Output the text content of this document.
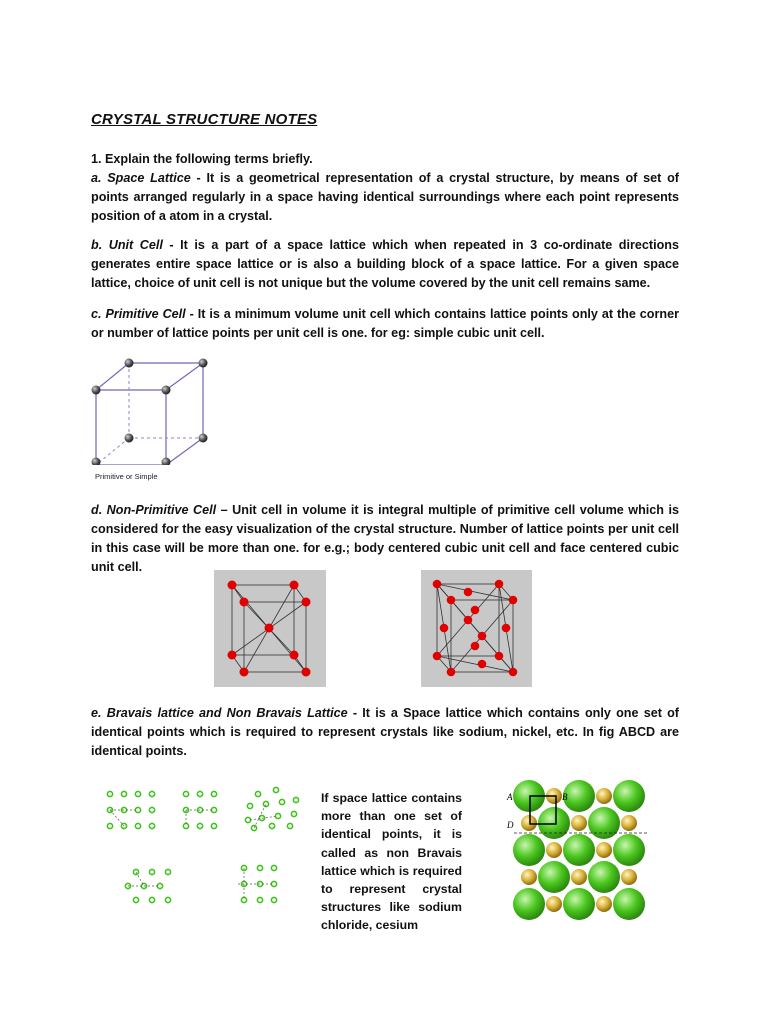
CRYSTAL STRUCTURE NOTES

1. Explain the following terms briefly.
a. Space Lattice - It is a geometrical representation of a crystal structure, by means of set of points arranged regularly in a space having identical surroundings where each point represents position of a atom in a crystal.

b. Unit Cell - It is a part of a space lattice which when repeated in 3 co-ordinate directions generates entire space lattice or is also a building block of a space lattice. For a given space lattice, choice of unit cell is not unique but the volume covered by the unit cell remains same.

c. Primitive Cell - It is a minimum volume unit cell which contains lattice points only at the corner or number of lattice points per unit cell is one. for eg: simple cubic unit cell.

Primitive or Simple

d. Non-Primitive Cell – Unit cell in volume it is integral multiple of primitive cell volume which is considered for the easy visualization of the crystal structure. Number of lattice points per unit cell in this case will be more than one. for e.g.; body centered cubic unit cell and face centered cubic unit cell.

e. Bravais lattice and Non Bravais Lattice - It is a Space lattice which contains only one set of identical points which is required to represent crystals like sodium, nickel, etc. In fig ABCD are identical points.

If space lattice contains more than one set of identical points, it is called as non Bravais lattice which is required to represent crystal structures like sodium chloride, cesium

A	B
D
